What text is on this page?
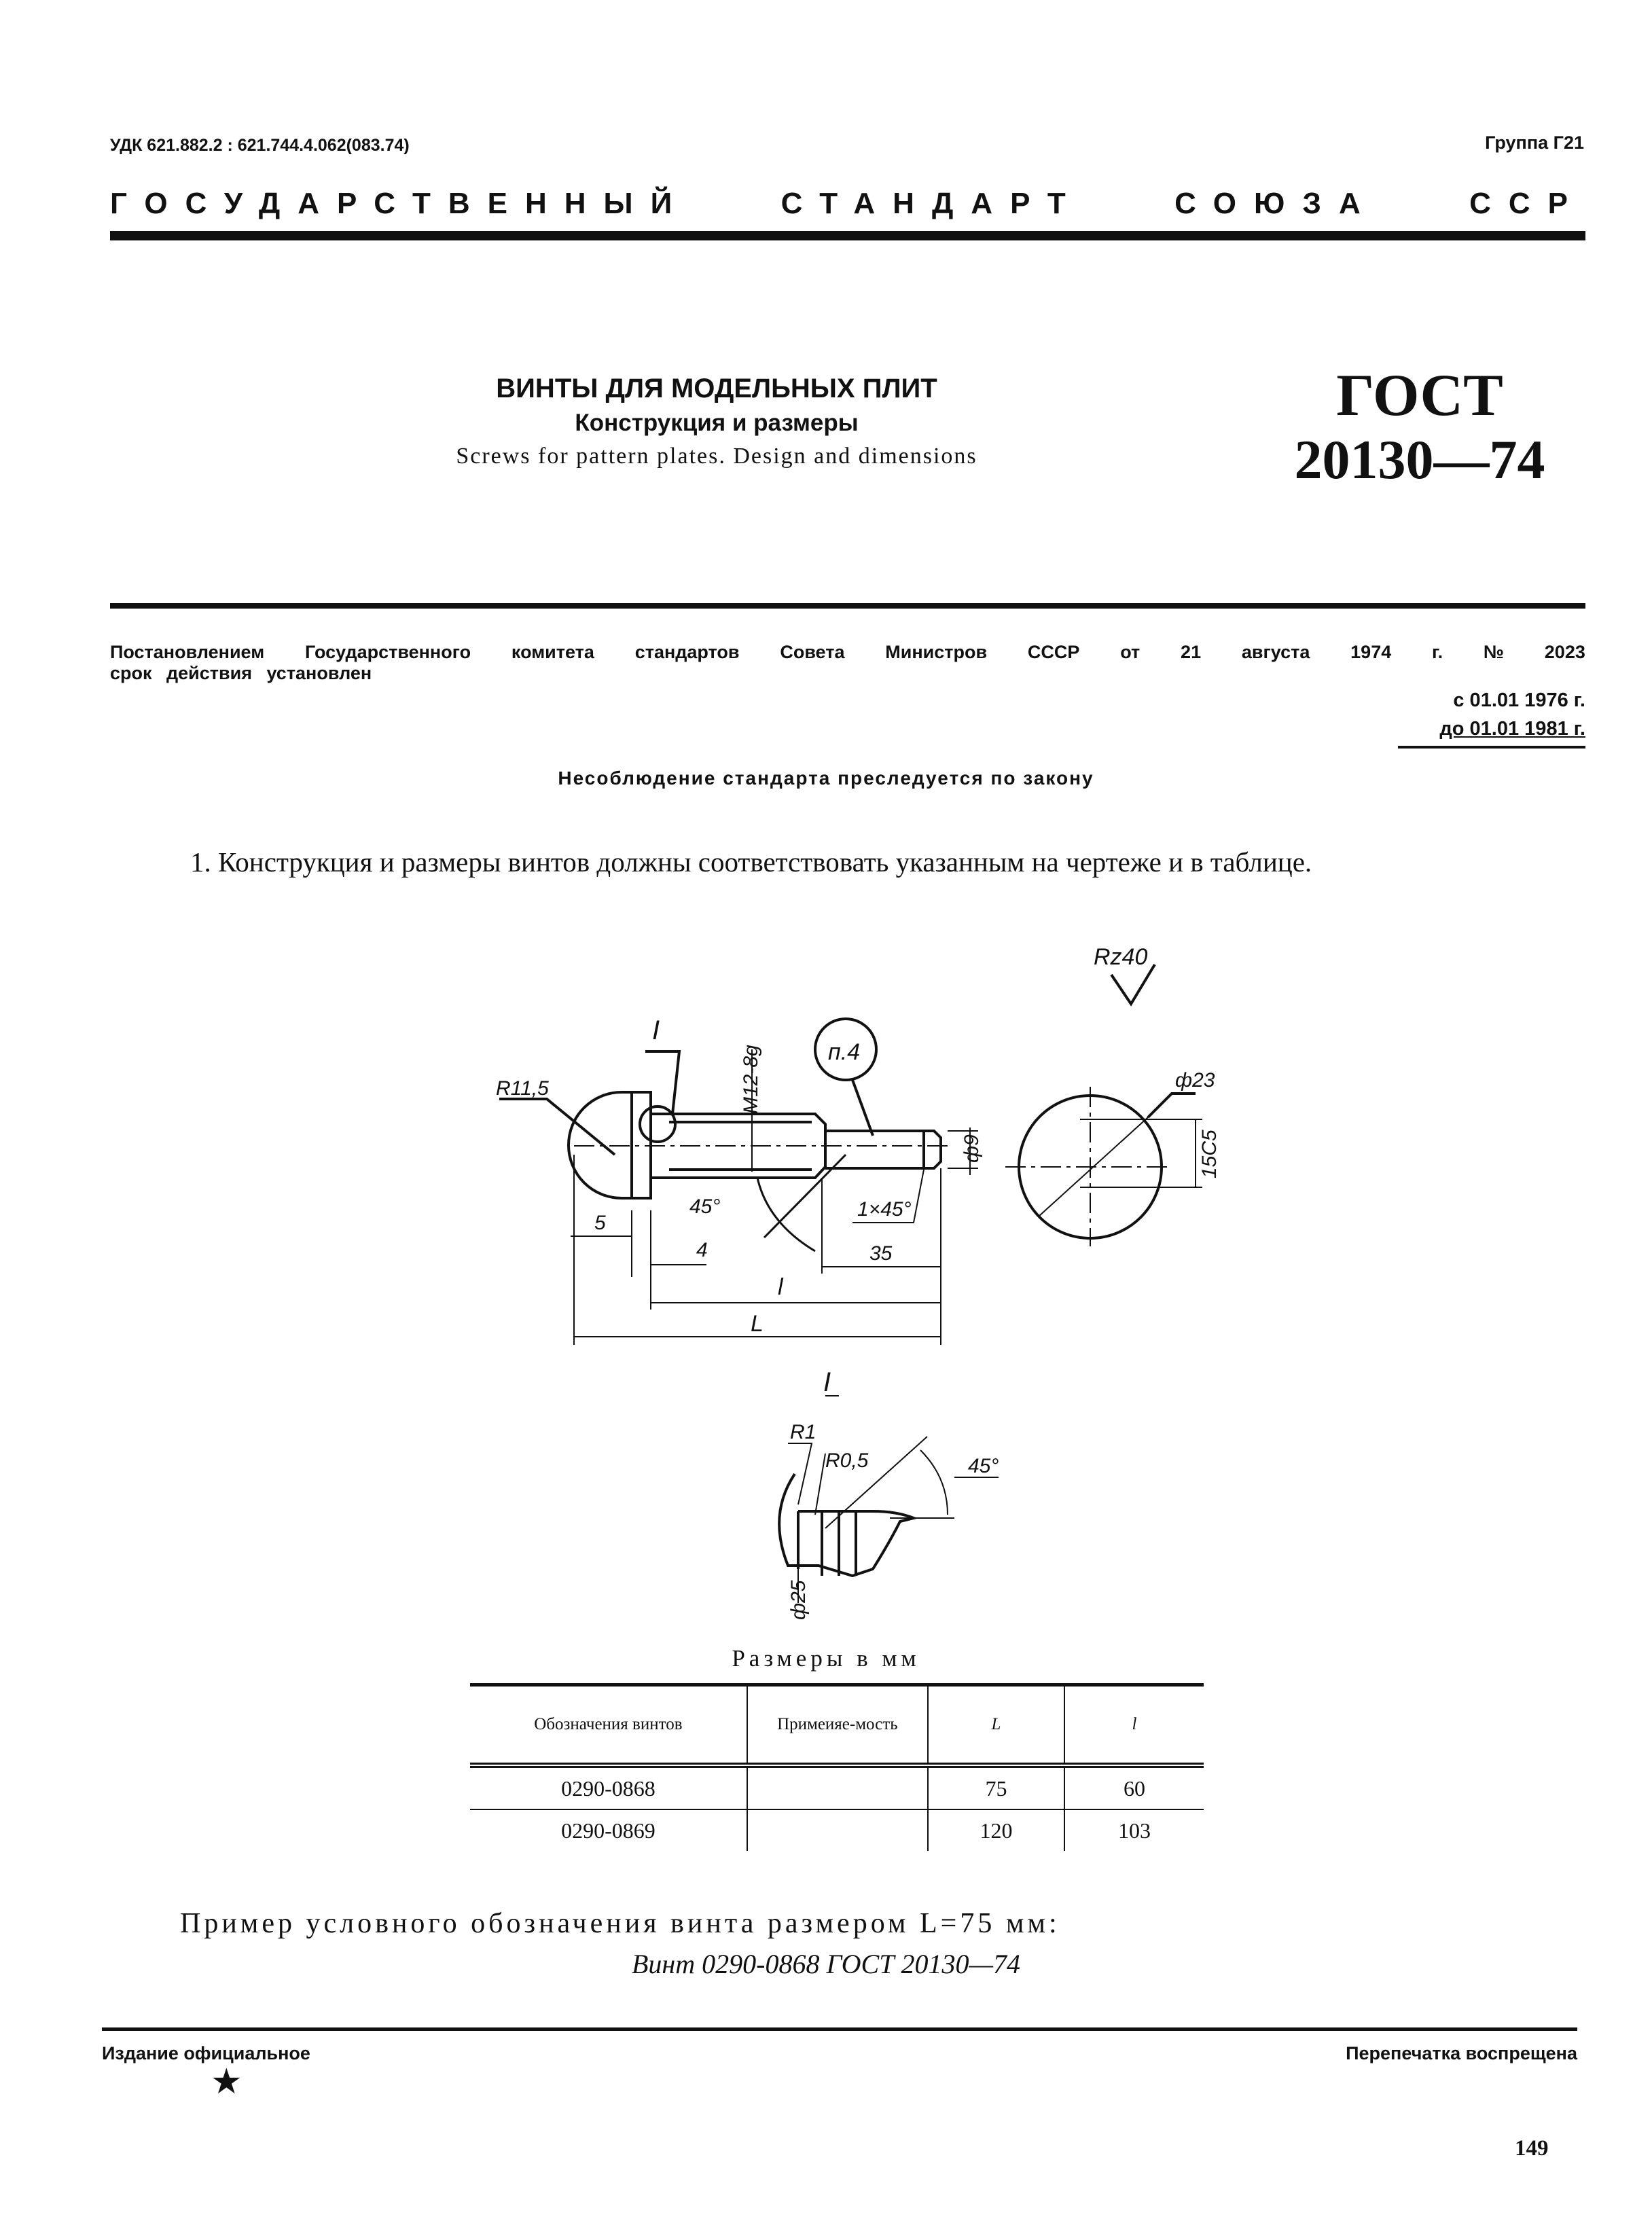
УДК 621.882.2 : 621.744.4.062(083.74)	Группа Г21
ГОСУДАРСТВЕННЫЙ	СТАНДАРТ	СОЮЗА	ССР
ВИНТЫ ДЛЯ МОДЕЛЬНЫХ ПЛИТ
Конструкция и размеры
Screws for pattern plates. Design and dimensions
ГОСТ
20130—74
Постановлением Государственного комитета стандартов Совета Министров СССР от 21 августа 1974 г. № 2023
срок действия установлен
с 01.01 1976 г.
до 01.01 1981 г.
Несоблюдение стандарта преследуется по закону
1. Конструкция и размеры винтов должны соответствовать указанным на чертеже и в таблице.
Rz40
I
п.4
R11,5	M12-8g
ф9
ф23
15С5
45°	1×45°
5
4	35
l
L
I
R1
R0,5	45°
ф25
Размеры в мм
Обозначения винтов	Примеияе-мость	L	l
0290-0868		75	60
0290-0869		120	103
Пример условного обозначения винта размером L=75 мм:
Винт 0290-0868 ГОСТ 20130—74
Издание официальное
★
Перепечатка воспрещена
149
